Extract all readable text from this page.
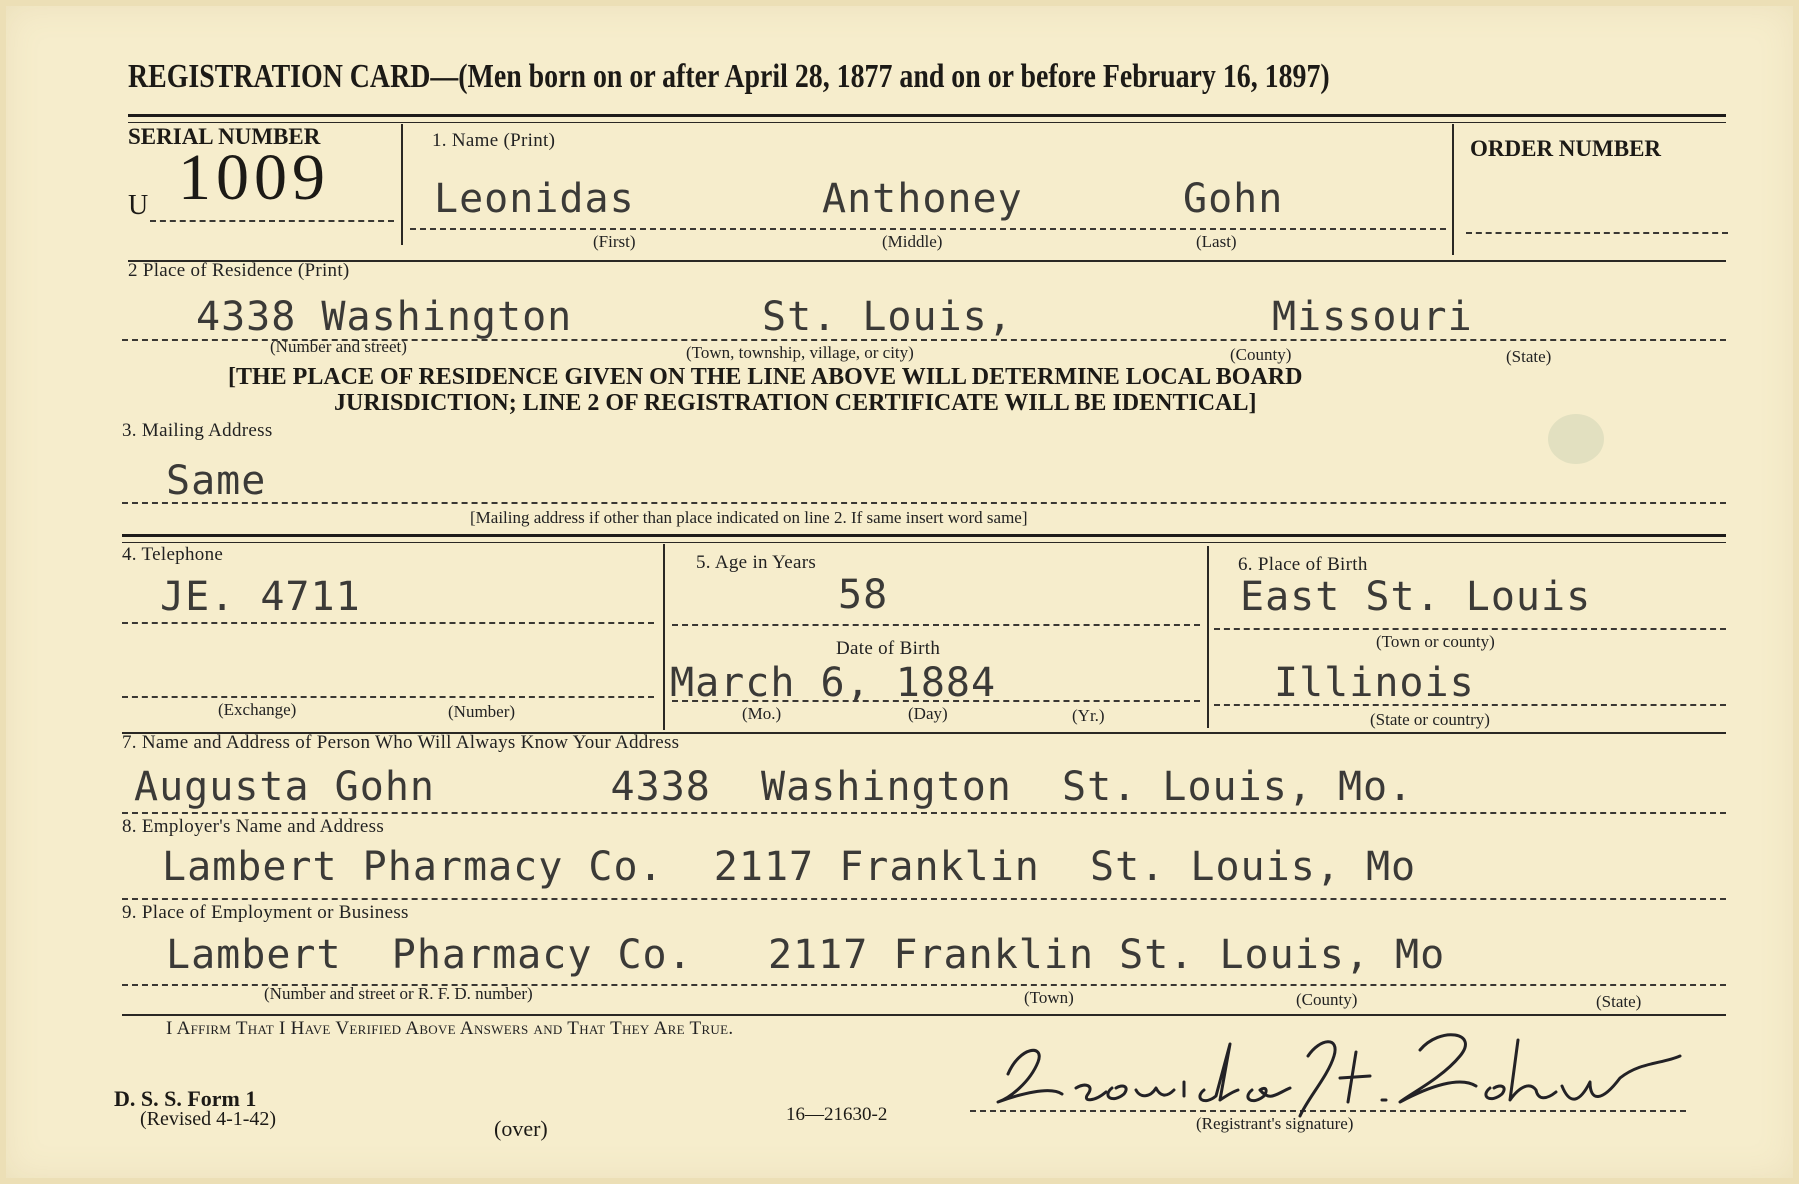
REGISTRATION CARD—(Men born on or after April 28, 1877 and on or before February 16, 1897)
SERIAL NUMBER
U 1009
1. Name (Print)
Leonidas	Anthoney	Gohn
(First)	(Middle)	(Last)
ORDER NUMBER
2 Place of Residence (Print)
4338 Washington	St. Louis,	Missouri
(Number and street)	(Town, township, village, or city)	(County)	(State)
[THE PLACE OF RESIDENCE GIVEN ON THE LINE ABOVE WILL DETERMINE LOCAL BOARD
JURISDICTION; LINE 2 OF REGISTRATION CERTIFICATE WILL BE IDENTICAL]
3. Mailing Address
Same
[Mailing address if other than place indicated on line 2. If same insert word same]
4. Telephone
JE. 4711
(Exchange)	(Number)
5. Age in Years
58
Date of Birth
March 6, 1884
(Mo.)	(Day)	(Yr.)
6. Place of Birth
East St. Louis
(Town or county)
Illinois
(State or country)
7. Name and Address of Person Who Will Always Know Your Address
Augusta Gohn       4338  Washington  St. Louis, Mo.
8. Employer's Name and Address
Lambert Pharmacy Co.  2117 Franklin  St. Louis, Mo
9. Place of Employment or Business
Lambert  Pharmacy Co.   2117 Franklin St. Louis, Mo
(Number and street or R. F. D. number)	(Town)	(County)	(State)
I Affirm That I Have Verified Above Answers and That They Are True.
D. S. S. Form 1
(Revised 4-1-42)	(over)
16—21630-2	(Registrant's signature)
